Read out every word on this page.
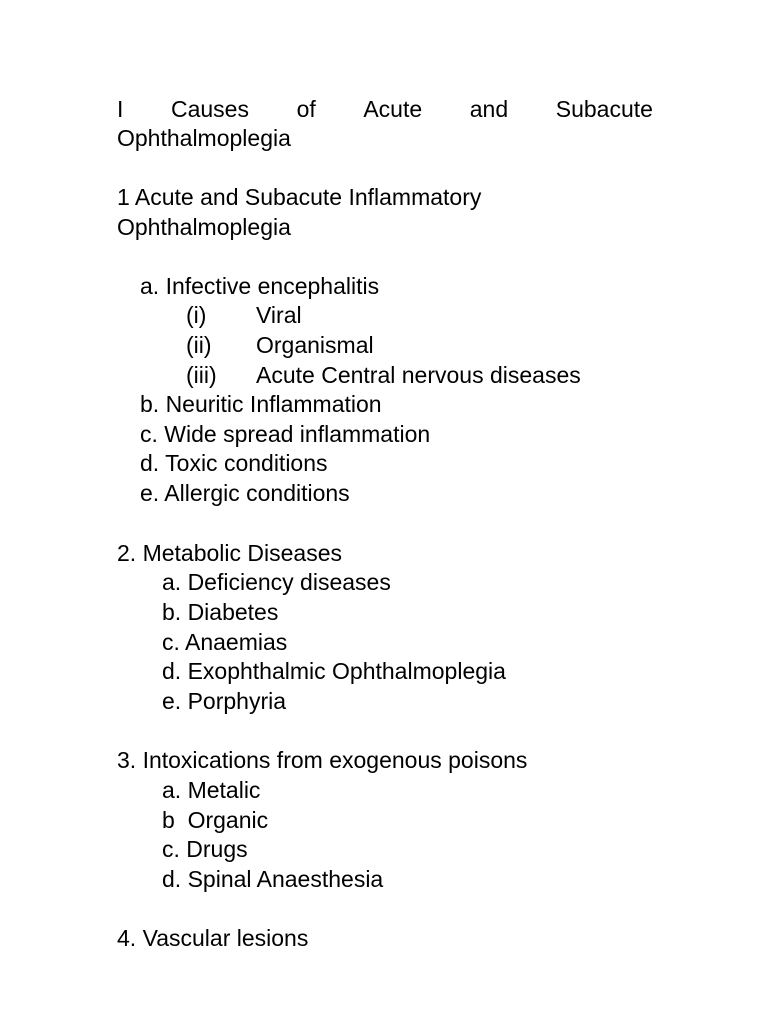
I Causes of Acute and Subacute
Ophthalmoplegia
1 Acute and Subacute Inflammatory
Ophthalmoplegia
a. Infective encephalitis
(i) Viral
(ii) Organismal
(iii) Acute Central nervous diseases
b. Neuritic Inflammation
c. Wide spread inflammation
d. Toxic conditions
e. Allergic conditions
2. Metabolic Diseases
a. Deficiency diseases
b. Diabetes
c. Anaemias
d. Exophthalmic Ophthalmoplegia
e. Porphyria
3. Intoxications from exogenous poisons
a. Metalic
b  Organic
c. Drugs
d. Spinal Anaesthesia
4. Vascular lesions
